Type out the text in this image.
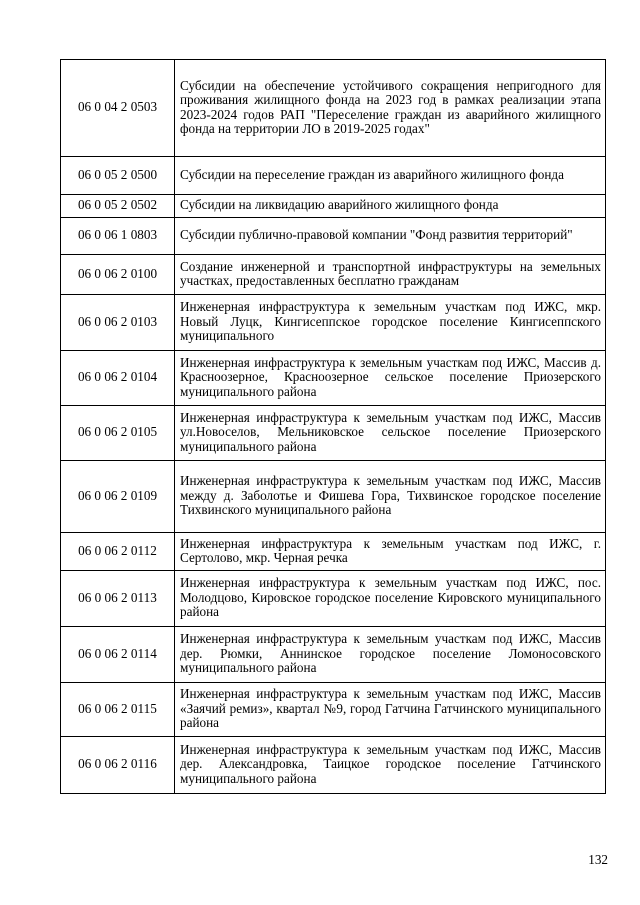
06 0 04 2 0503	Субсидии на обеспечение устойчивого сокращения непригодного для проживания жилищного фонда на 2023 год в рамках реализации этапа 2023-2024 годов РАП "Переселение граждан из аварийного жилищного фонда на территории ЛО в 2019-2025 годах"
06 0 05 2 0500	Субсидии на переселение граждан из аварийного жилищного фонда
06 0 05 2 0502	Субсидии на ликвидацию аварийного жилищного фонда
06 0 06 1 0803	Субсидии публично-правовой компании "Фонд развития территорий"
06 0 06 2 0100	Создание инженерной и транспортной инфраструктуры на земельных участках, предоставленных бесплатно гражданам
06 0 06 2 0103	Инженерная инфраструктура к земельным участкам под ИЖС, мкр. Новый Луцк, Кингисеппское городское поселение Кингисеппского муниципального
06 0 06 2 0104	Инженерная инфраструктура к земельным участкам под ИЖС, Массив д. Красноозерное, Красноозерное сельское поселение Приозерского муниципального района
06 0 06 2 0105	Инженерная инфраструктура к земельным участкам под ИЖС, Массив ул.Новоселов, Мельниковское сельское поселение Приозерского муниципального района
06 0 06 2 0109	Инженерная инфраструктура к земельным участкам под ИЖС, Массив между д. Заболотье и Фишева Гора, Тихвинское городское поселение Тихвинского муниципального района
06 0 06 2 0112	Инженерная инфраструктура к земельным участкам под ИЖС, г. Сертолово, мкр. Черная речка
06 0 06 2 0113	Инженерная инфраструктура к земельным участкам под ИЖС, пос. Молодцово, Кировское городское поселение Кировского муниципального района
06 0 06 2 0114	Инженерная инфраструктура к земельным участкам под ИЖС, Массив дер. Рюмки, Аннинское городское поселение Ломоносовского муниципального района
06 0 06 2 0115	Инженерная инфраструктура к земельным участкам под ИЖС, Массив «Заячий ремиз», квартал №9, город Гатчина Гатчинского муниципального района
06 0 06 2 0116	Инженерная инфраструктура к земельным участкам под ИЖС, Массив дер. Александровка, Таицкое городское поселение Гатчинского муниципального района
132
